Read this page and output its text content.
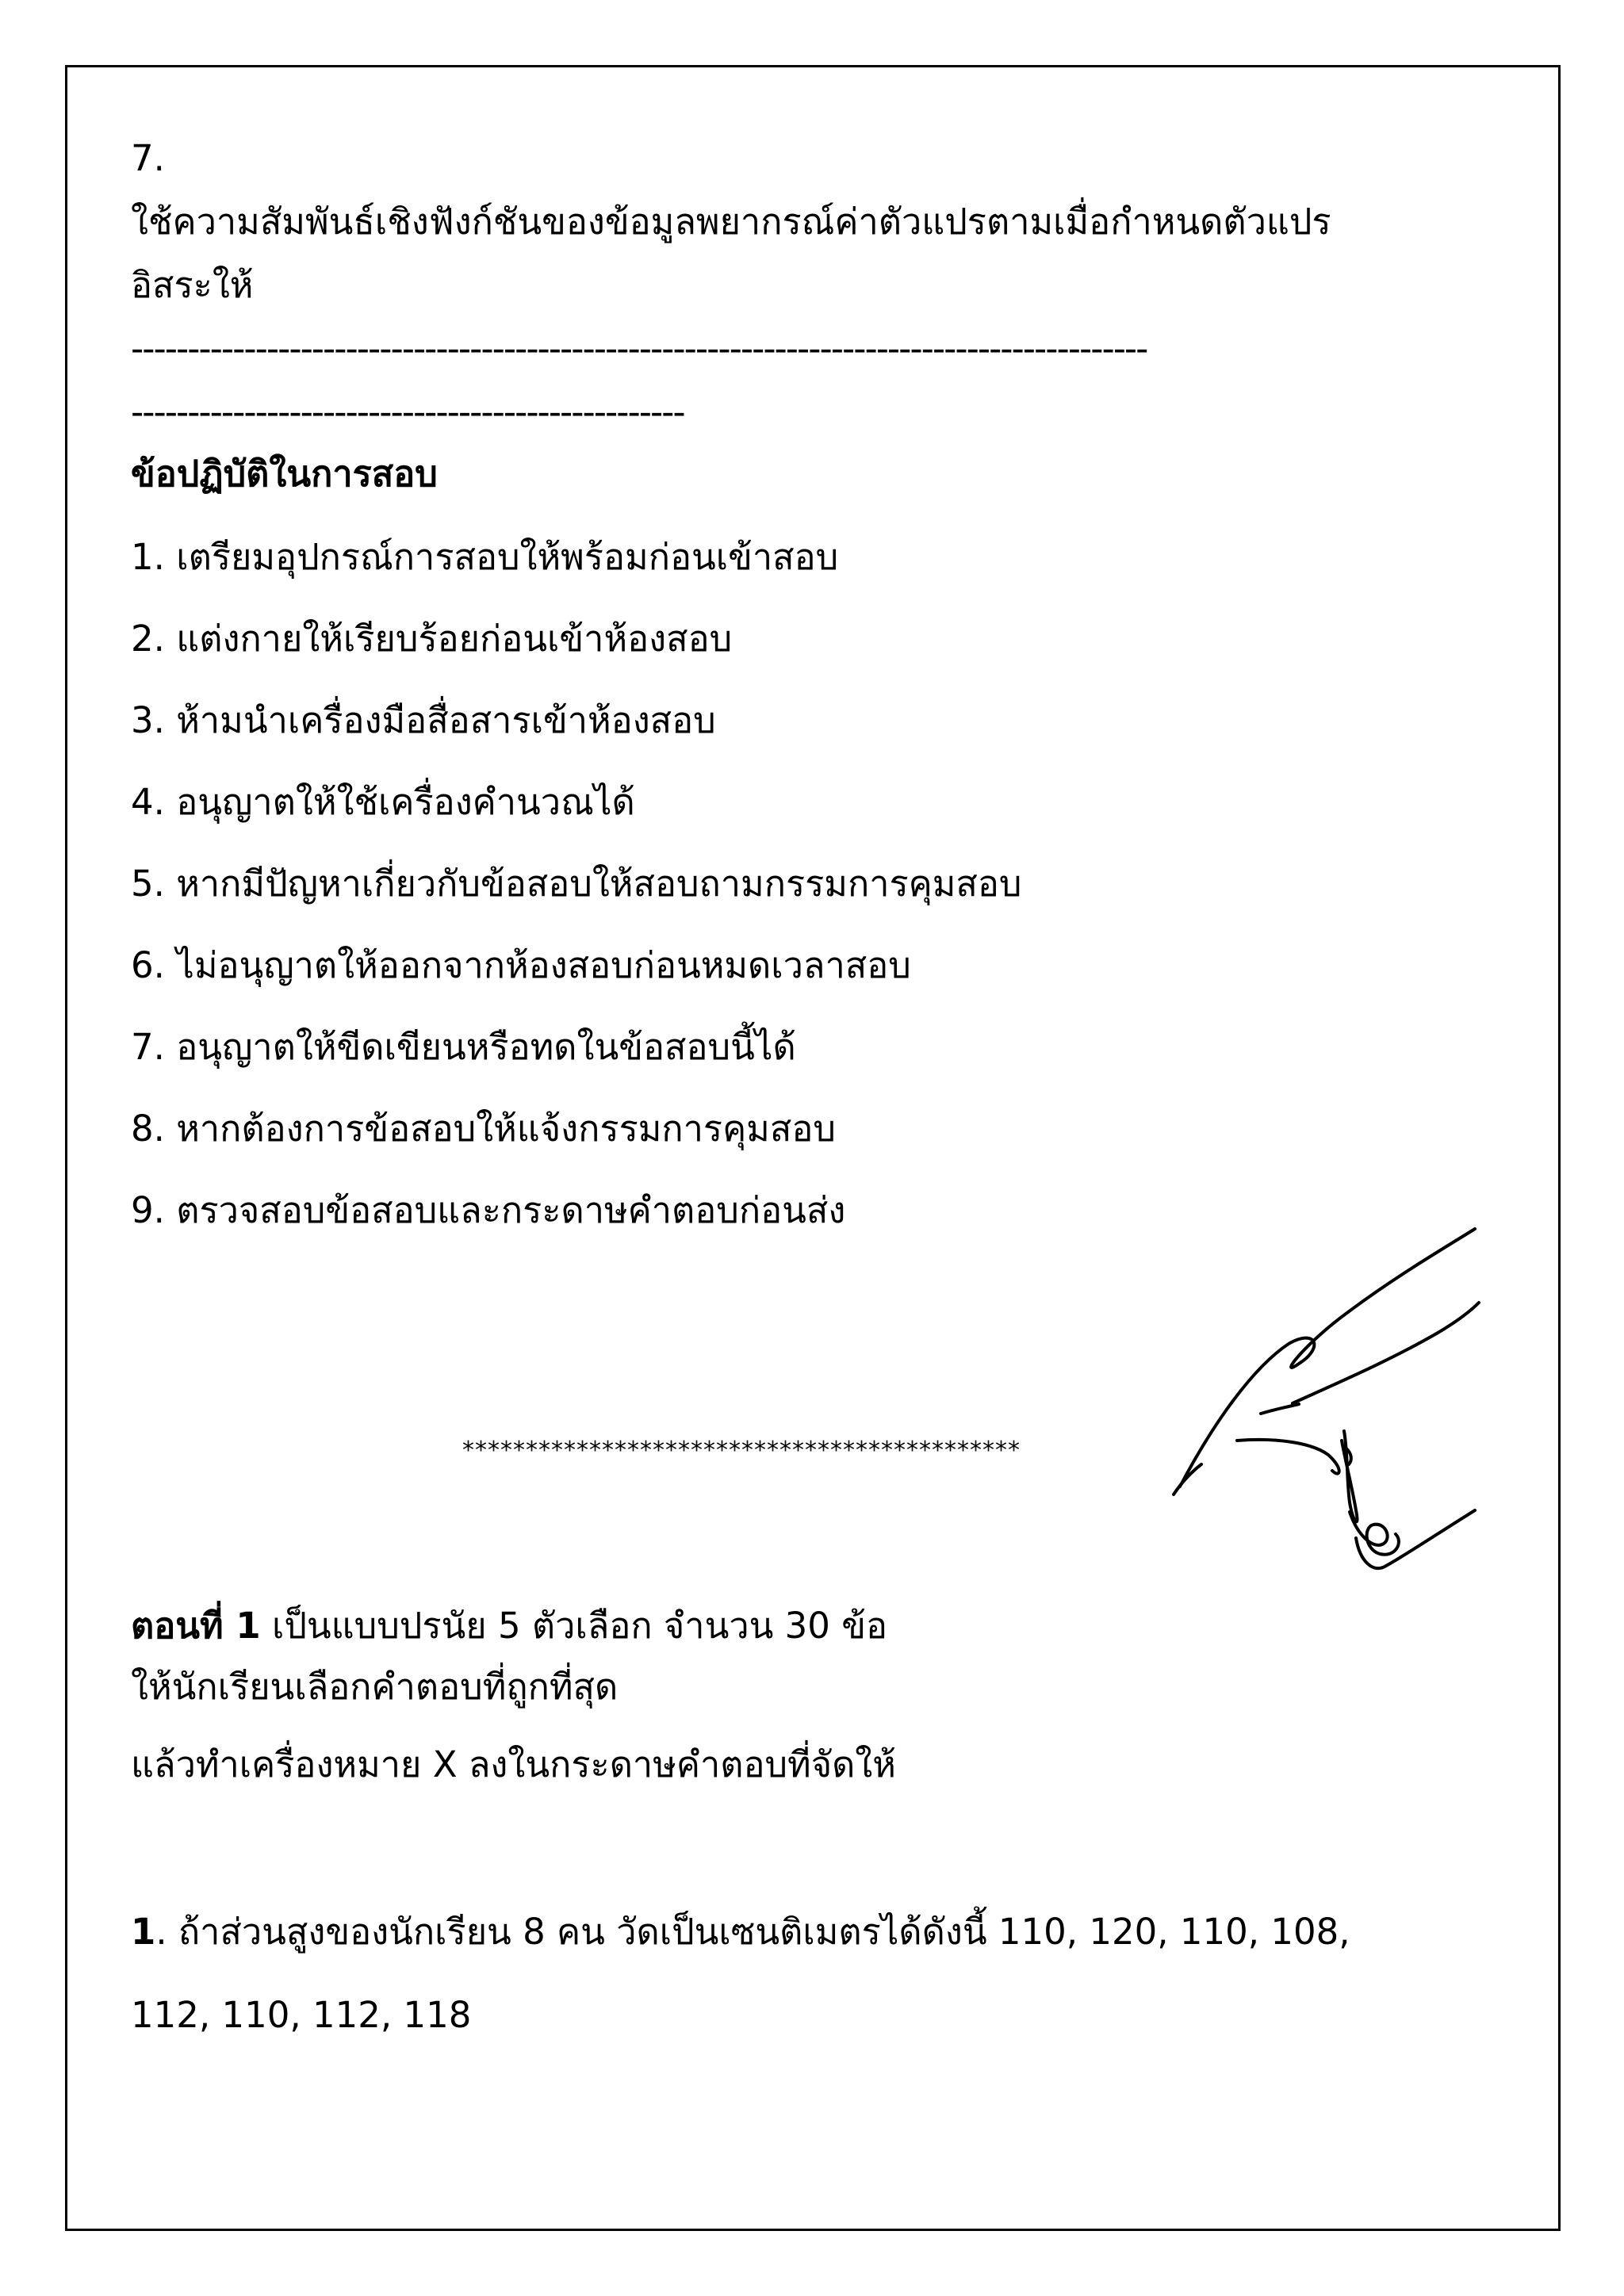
7.
ใช้ความสัมพันธ์เชิงฟังก์ชันของข้อมูลพยากรณ์ค่าตัวแปรตามเมื่อกำหนดตัวแปร
อิสระให้
------------------------------------------------------------------------------------------
-------------------------------------------------
ข้อปฏิบัติในการสอบ
1. เตรียมอุปกรณ์การสอบให้พร้อมก่อนเข้าสอบ
2. แต่งกายให้เรียบร้อยก่อนเข้าห้องสอบ
3. ห้ามนำเครื่องมือสื่อสารเข้าห้องสอบ
4. อนุญาตให้ใช้เครื่องคำนวณได้
5. หากมีปัญหาเกี่ยวกับข้อสอบให้สอบถามกรรมการคุมสอบ
6. ไม่อนุญาตให้ออกจากห้องสอบก่อนหมดเวลาสอบ
7. อนุญาตให้ขีดเขียนหรือทดในข้อสอบนี้ได้
8. หากต้องการข้อสอบให้แจ้งกรรมการคุมสอบ
9. ตรวจสอบข้อสอบและกระดาษคำตอบก่อนส่ง
********************************************
ตอนที่ 1 เป็นแบบปรนัย 5 ตัวเลือก จำนวน 30 ข้อ
ให้นักเรียนเลือกคำตอบที่ถูกที่สุด
แล้วทำเครื่องหมาย X ลงในกระดาษคำตอบที่จัดให้
1. ถ้าส่วนสูงของนักเรียน 8 คน วัดเป็นเซนติเมตรได้ดังนี้ 110, 120, 110, 108,
112, 110, 112, 118
